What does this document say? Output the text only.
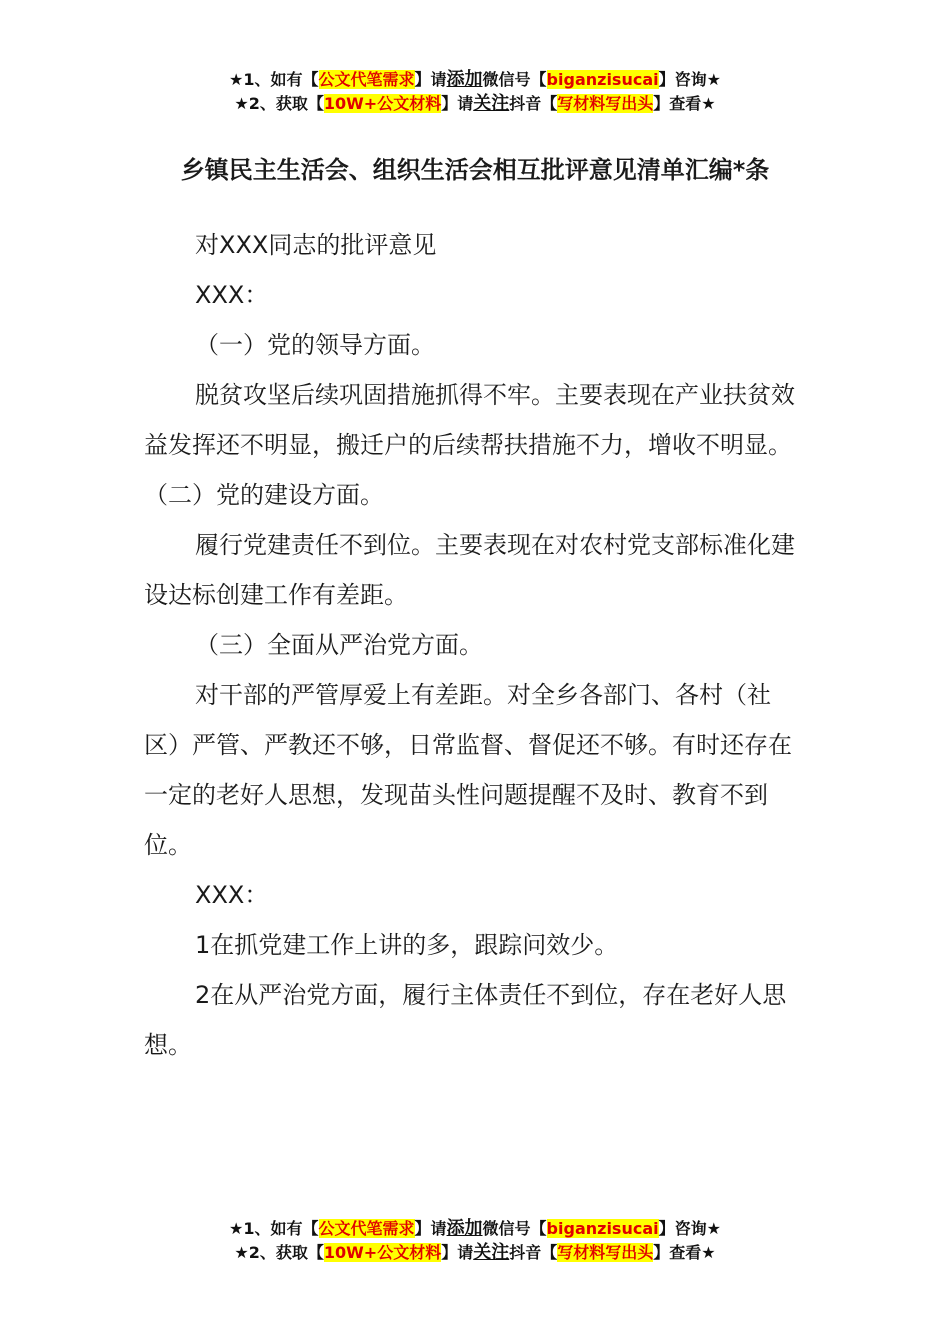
★1、如有【公文代笔需求】请添加微信号【biganzisucai】咨询★
★2、获取【10W+公文材料】请关注抖音【写材料写出头】查看★
乡镇民主生活会、组织生活会相互批评意见清单汇编*条

对XXX同志的批评意见

XXX：

（一）党的领导方面。

脱贫攻坚后续巩固措施抓得不牢。主要表现在产业扶贫效益发挥还不明显，搬迁户的后续帮扶措施不力，增收不明显。（二）党的建设方面。

履行党建责任不到位。主要表现在对农村党支部标准化建设达标创建工作有差距。

（三）全面从严治党方面。

对干部的严管厚爱上有差距。对全乡各部门、各村（社区）严管、严教还不够，日常监督、督促还不够。有时还存在一定的老好人思想，发现苗头性问题提醒不及时、教育不到位。

XXX：

1在抓党建工作上讲的多，跟踪问效少。

2在从严治党方面，履行主体责任不到位，存在老好人思想。

★1、如有【公文代笔需求】请添加微信号【biganzisucai】咨询★
★2、获取【10W+公文材料】请关注抖音【写材料写出头】查看★
